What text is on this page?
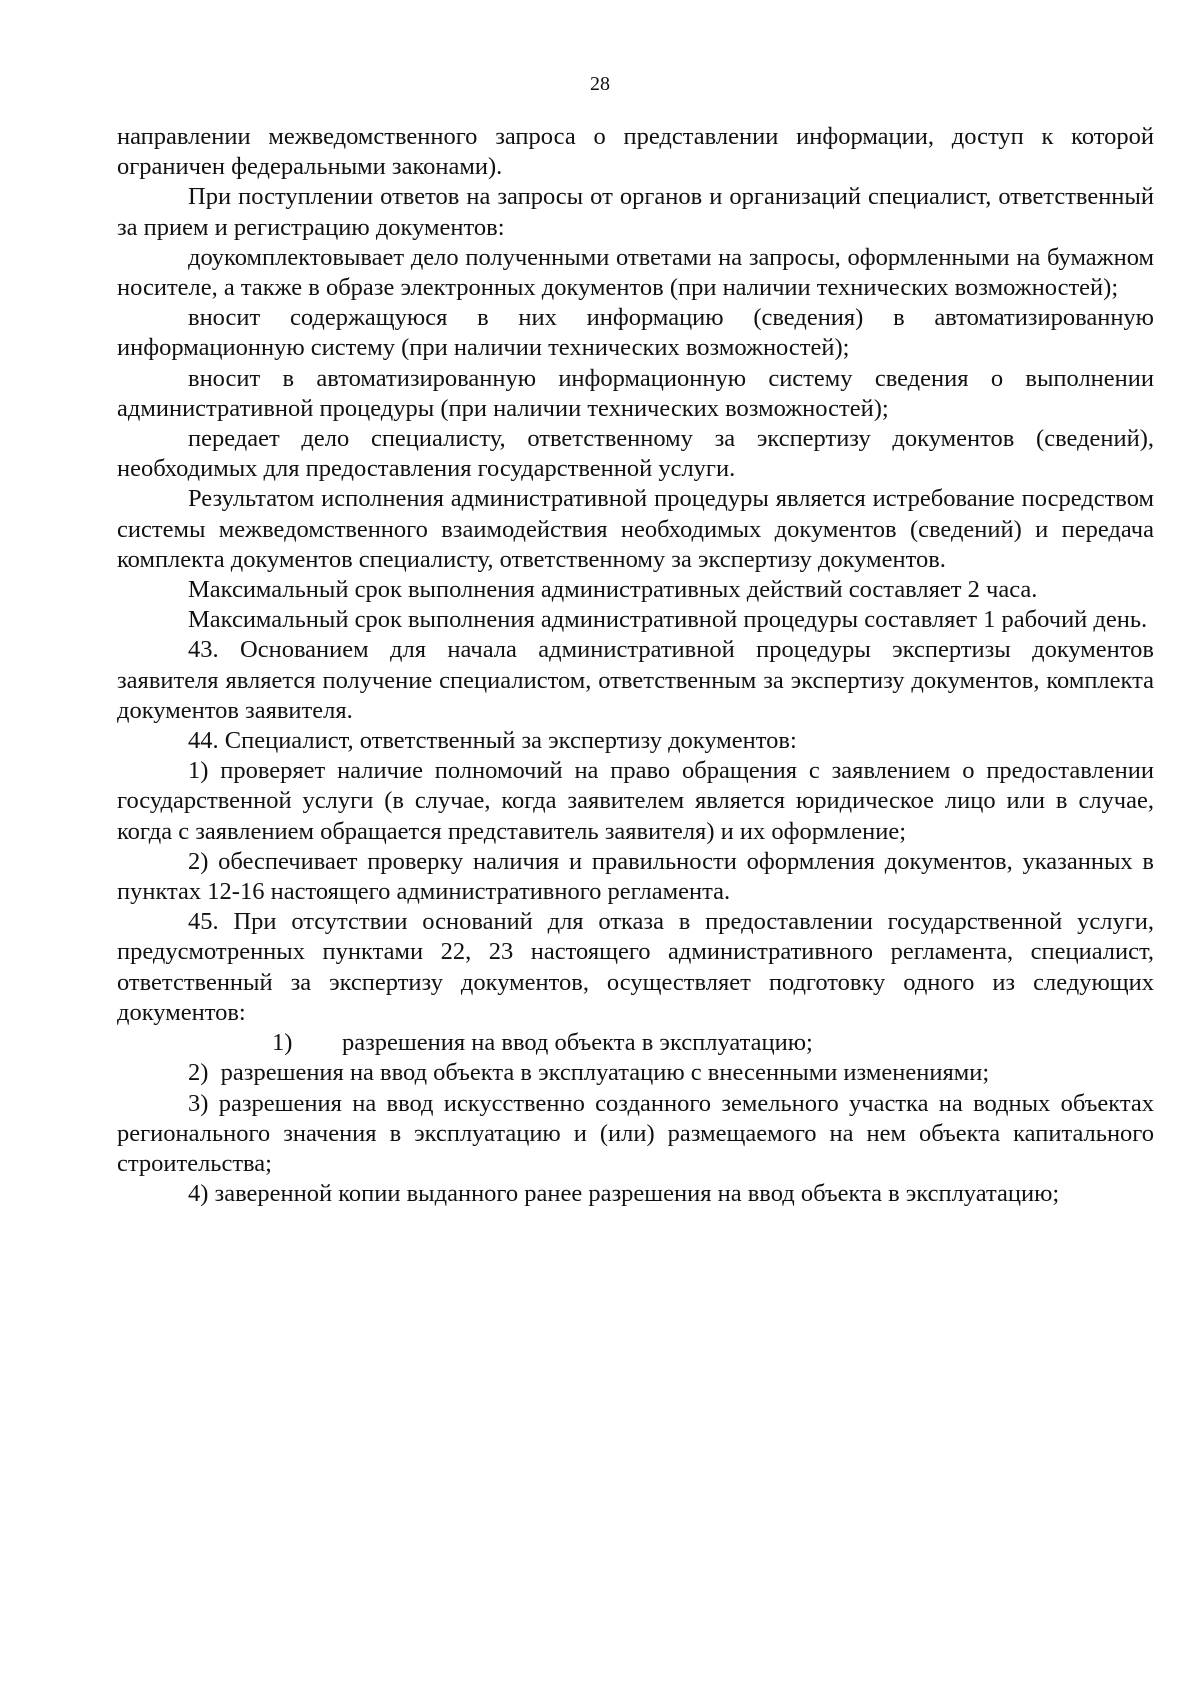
28

направлении межведомственного запроса о представлении информации, доступ к которой ограничен федеральными законами).

При поступлении ответов на запросы от органов и организаций специалист, ответственный за прием и регистрацию документов:

доукомплектовывает дело полученными ответами на запросы, оформленными на бумажном носителе, а также в образе электронных документов (при наличии технических возможностей);

вносит содержащуюся в них информацию (сведения) в автоматизированную информационную систему (при наличии технических возможностей);

вносит в автоматизированную информационную систему сведения о выполнении административной процедуры (при наличии технических возможностей);

передает дело специалисту, ответственному за экспертизу документов (сведений), необходимых для предоставления государственной услуги.

Результатом исполнения административной процедуры является истребование посредством системы межведомственного взаимодействия необходимых документов (сведений) и передача комплекта документов специалисту, ответственному за экспертизу документов.

Максимальный срок выполнения административных действий составляет 2 часа.

Максимальный срок выполнения административной процедуры составляет 1 рабочий день.

43. Основанием для начала административной процедуры экспертизы документов заявителя является получение специалистом, ответственным за экспертизу документов, комплекта документов заявителя.

44. Специалист, ответственный за экспертизу документов:

1) проверяет наличие полномочий на право обращения с заявлением о предоставлении государственной услуги (в случае, когда заявителем является юридическое лицо или в случае, когда с заявлением обращается представитель заявителя) и их оформление;

2) обеспечивает проверку наличия и правильности оформления документов, указанных в пунктах 12-16 настоящего административного регламента.

45. При отсутствии оснований для отказа в предоставлении государственной услуги, предусмотренных пунктами 22, 23 настоящего административного регламента, специалист, ответственный за экспертизу документов, осуществляет подготовку одного из следующих документов:

1) разрешения на ввод объекта в эксплуатацию;

2)  разрешения на ввод объекта в эксплуатацию с внесенными изменениями;

3) разрешения на ввод искусственно созданного земельного участка на водных объектах регионального значения в эксплуатацию и (или) размещаемого на нем объекта капитального строительства;

4) заверенной копии выданного ранее разрешения на ввод объекта в эксплуатацию;
